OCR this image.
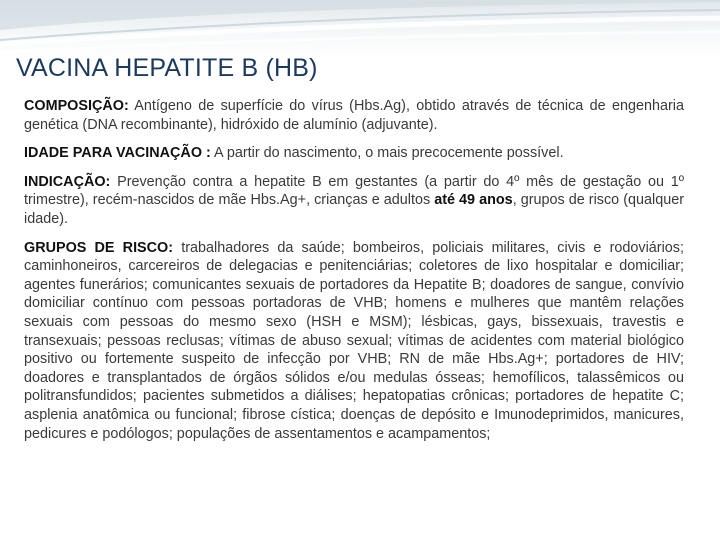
VACINA HEPATITE B (HB)

COMPOSIÇÃO: Antígeno de superfície do vírus (Hbs.Ag), obtido através de técnica de engenharia genética (DNA recombinante), hidróxido de alumínio (adjuvante).

IDADE PARA VACINAÇÃO : A partir do nascimento, o mais precocemente possível.

INDICAÇÃO: Prevenção contra a hepatite B em gestantes (a partir do 4º mês de gestação ou 1º trimestre), recém-nascidos de mãe Hbs.Ag+, crianças e adultos até 49 anos, grupos de risco (qualquer idade).

GRUPOS DE RISCO: trabalhadores da saúde; bombeiros, policiais militares, civis e rodoviários; caminhoneiros, carcereiros de delegacias e penitenciárias; coletores de lixo hospitalar e domiciliar; agentes funerários; comunicantes sexuais de portadores da Hepatite B; doadores de sangue, convívio domiciliar contínuo com pessoas portadoras de VHB; homens e mulheres que mantêm relações sexuais com pessoas do mesmo sexo (HSH e MSM); lésbicas, gays, bissexuais, travestis e transexuais; pessoas reclusas; vítimas de abuso sexual; vítimas de acidentes com material biológico positivo ou fortemente suspeito de infecção por VHB; RN de mãe Hbs.Ag+; portadores de HIV; doadores e transplantados de órgãos sólidos e/ou medulas ósseas; hemofílicos, talassêmicos ou politransfundidos; pacientes submetidos a diálises; hepatopatias crônicas; portadores de hepatite C; asplenia anatômica ou funcional; fibrose cística; doenças de depósito e Imunodeprimidos, manicures, pedicures e podólogos; populações de assentamentos e acampamentos;
